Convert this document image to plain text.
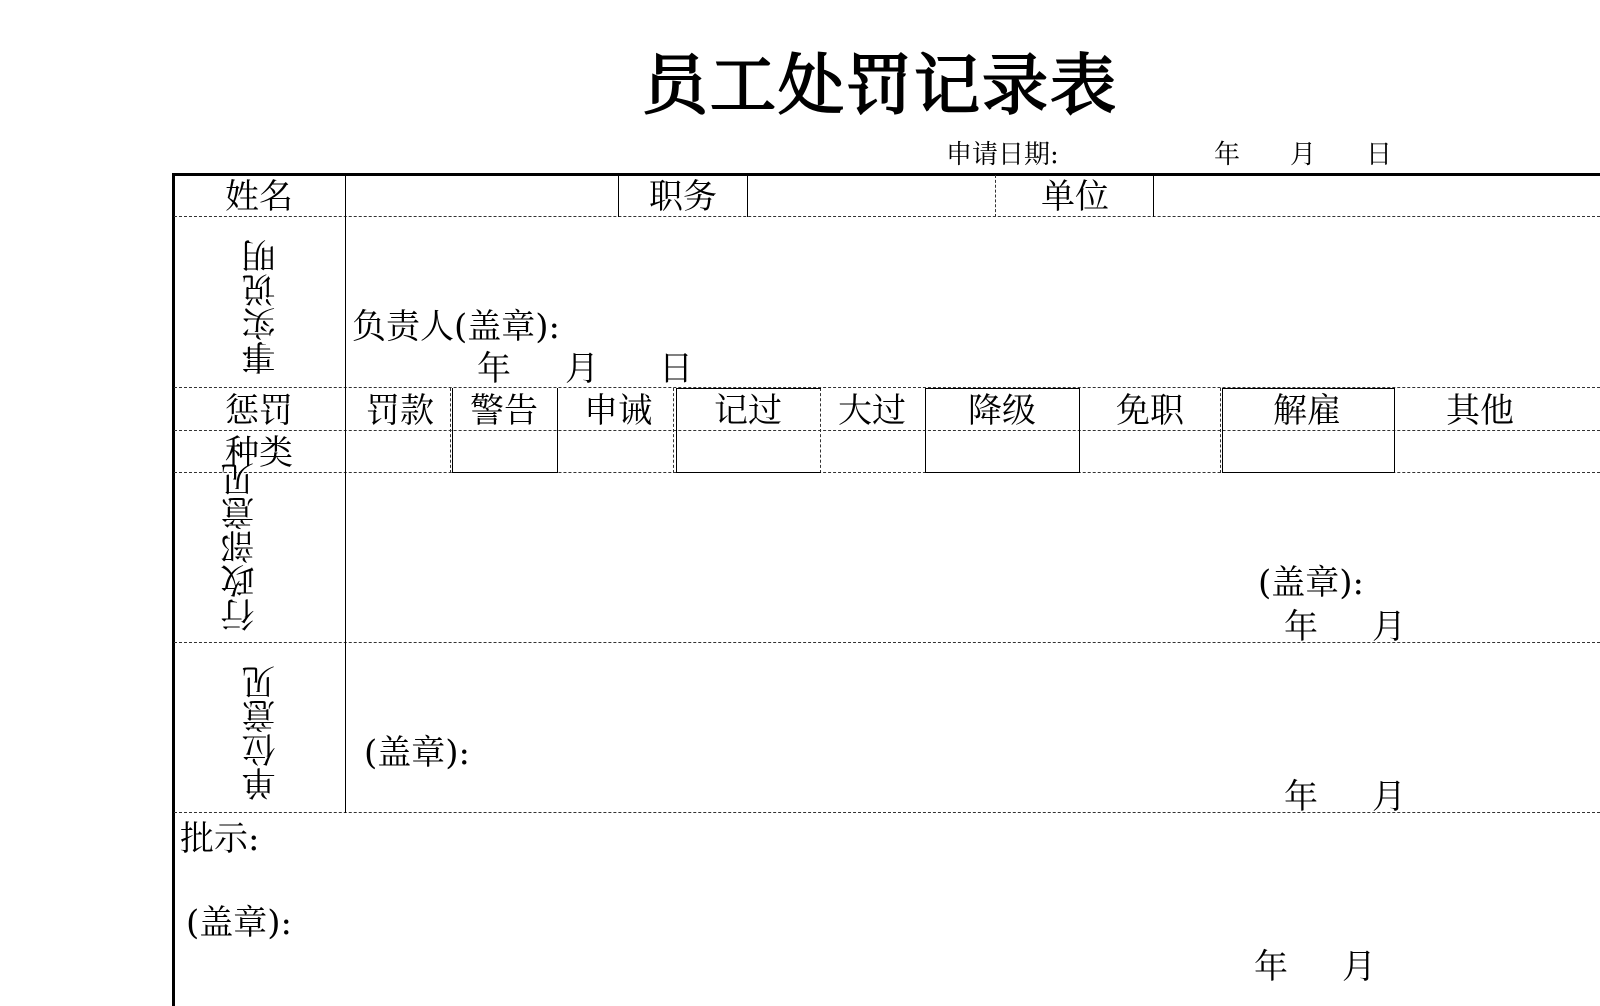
员工处罚记录表
申请日期:	年 月 日
姓名	职务	单位
事实说明 负责人(盖章):
年 月 日
惩罚
种类
罚款 警告 申诫 记过 大过 降级 免职	解雇	其他
行政部意见	(盖章):
年 月
单位意见 (盖章):
年 月
批示:
(盖章):
年 月
